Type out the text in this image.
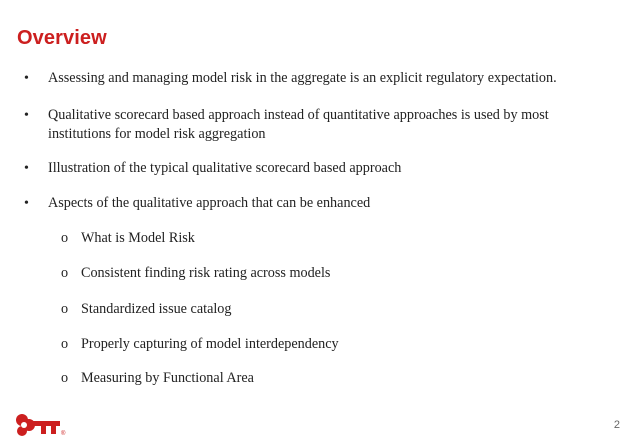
Overview
•	Assessing and managing model risk in the aggregate is an explicit regulatory expectation.
•	Qualitative scorecard based approach instead of quantitative approaches is used by most institutions for model risk aggregation
•	Illustration of the typical qualitative scorecard based approach
•	Aspects of the qualitative approach that can be enhanced
o What is Model Risk
o Consistent finding risk rating across models
o Standardized issue catalog
o Properly capturing of model interdependency
o Measuring by Functional Area
®
2
